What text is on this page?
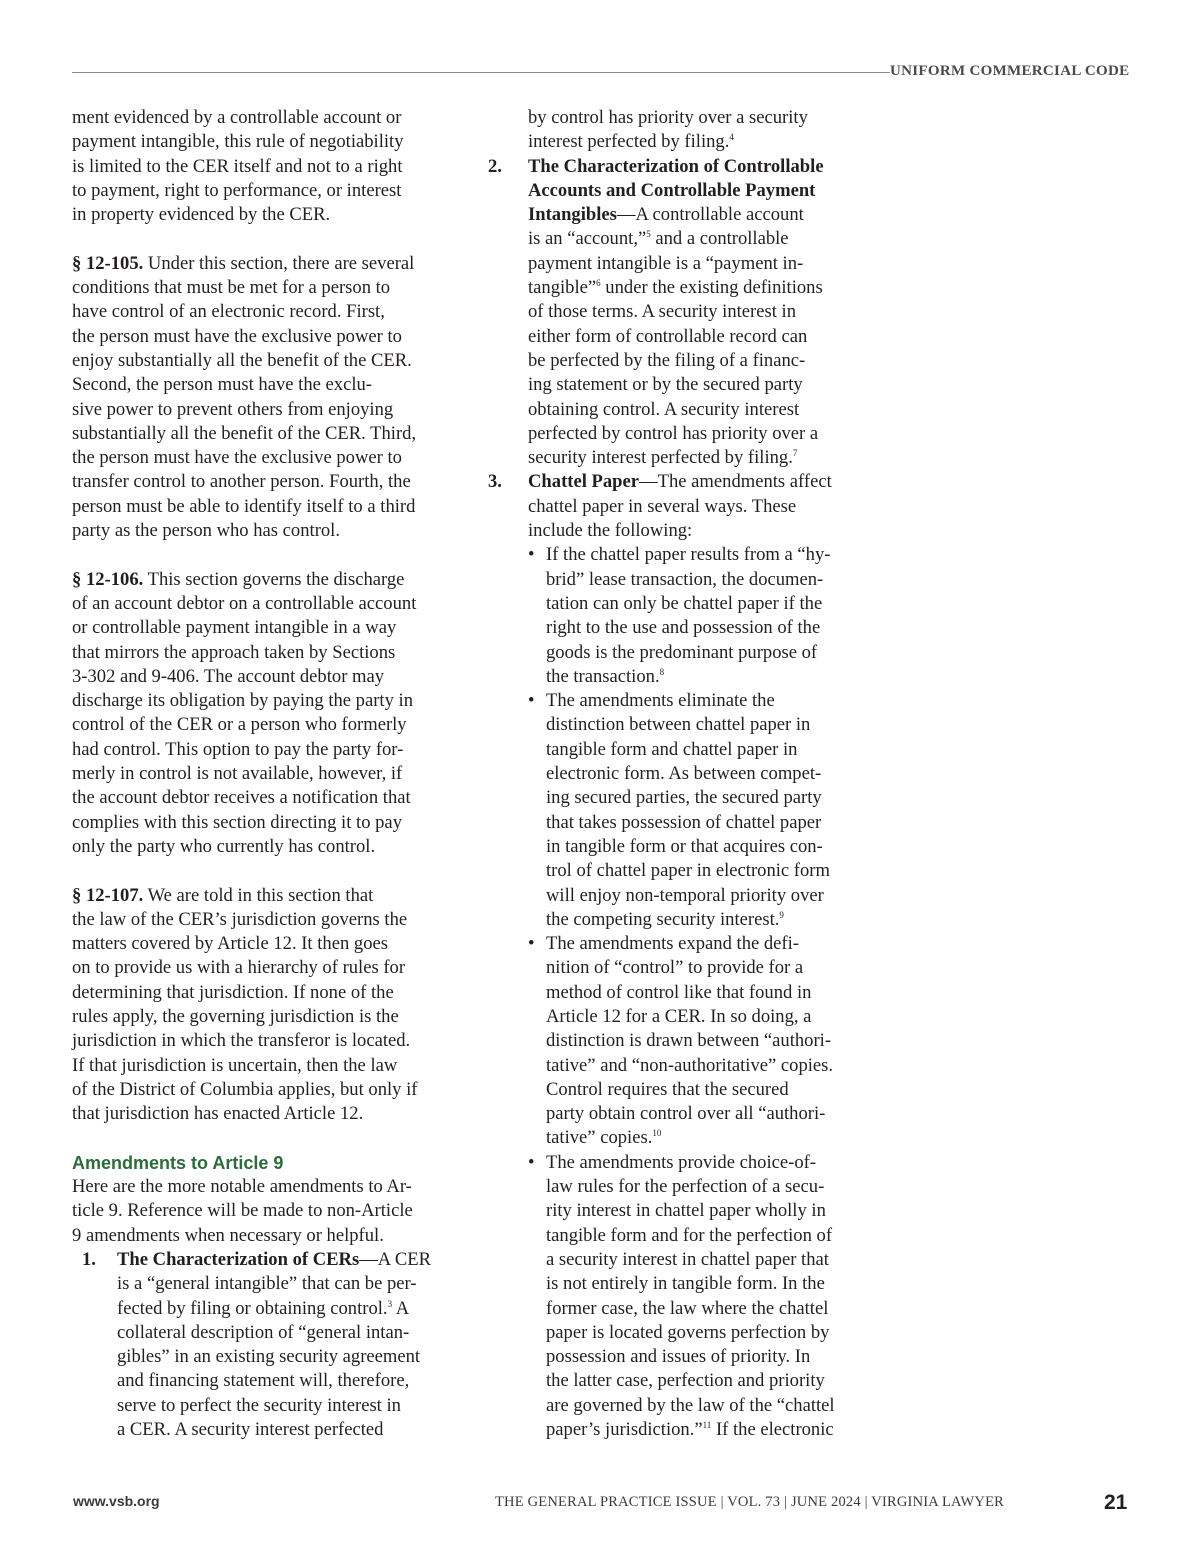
UNIFORM COMMERCIAL CODE
ment evidenced by a controllable account or
payment intangible, this rule of negotiability
is limited to the CER itself and not to a right
to payment, right to performance, or interest
in property evidenced by the CER.
§ 12-105. Under this section, there are several
conditions that must be met for a person to
have control of an electronic record. First,
the person must have the exclusive power to
enjoy substantially all the benefit of the CER.
Second, the person must have the exclu-
sive power to prevent others from enjoying
substantially all the benefit of the CER. Third,
the person must have the exclusive power to
transfer control to another person. Fourth, the
person must be able to identify itself to a third
party as the person who has control.
§ 12-106. This section governs the discharge
of an account debtor on a controllable account
or controllable payment intangible in a way
that mirrors the approach taken by Sections
3-302 and 9-406. The account debtor may
discharge its obligation by paying the party in
control of the CER or a person who formerly
had control. This option to pay the party for-
merly in control is not available, however, if
the account debtor receives a notification that
complies with this section directing it to pay
only the party who currently has control.
§ 12-107. We are told in this section that
the law of the CER’s jurisdiction governs the
matters covered by Article 12. It then goes
on to provide us with a hierarchy of rules for
determining that jurisdiction. If none of the
rules apply, the governing jurisdiction is the
jurisdiction in which the transferor is located.
If that jurisdiction is uncertain, then the law
of the District of Columbia applies, but only if
that jurisdiction has enacted Article 12.
Amendments to Article 9
Here are the more notable amendments to Ar-
ticle 9. Reference will be made to non-Article
9 amendments when necessary or helpful.
1. The Characterization of CERs—A CER
is a “general intangible” that can be per-
fected by filing or obtaining control.$^3$ A
collateral description of “general intan-
gibles” in an existing security agreement
and financing statement will, therefore,
serve to perfect the security interest in
a CER. A security interest perfected
by control has priority over a security
interest perfected by filing.$^4$
2. The Characterization of Controllable
Accounts and Controllable Payment
Intangibles—A controllable account
is an “account,”$^5$ and a controllable
payment intangible is a “payment in-
tangible”$^6$ under the existing definitions
of those terms. A security interest in
either form of controllable record can
be perfected by the filing of a financ-
ing statement or by the secured party
obtaining control. A security interest
perfected by control has priority over a
security interest perfected by filing.$^7$
3. Chattel Paper—The amendments affect
chattel paper in several ways. These
include the following:
• If the chattel paper results from a “hy-
brid” lease transaction, the documen-
tation can only be chattel paper if the
right to the use and possession of the
goods is the predominant purpose of
the transaction.$^8$
• The amendments eliminate the
distinction between chattel paper in
tangible form and chattel paper in
electronic form. As between compet-
ing secured parties, the secured party
that takes possession of chattel paper
in tangible form or that acquires con-
trol of chattel paper in electronic form
will enjoy non-temporal priority over
the competing security interest.$^9$
• The amendments expand the defi-
nition of “control” to provide for a
method of control like that found in
Article 12 for a CER. In so doing, a
distinction is drawn between “authori-
tative” and “non-authoritative” copies.
Control requires that the secured
party obtain control over all “authori-
tative” copies.$^{10}$
• The amendments provide choice-of-
law rules for the perfection of a secu-
rity interest in chattel paper wholly in
tangible form and for the perfection of
a security interest in chattel paper that
is not entirely in tangible form. In the
former case, the law where the chattel
paper is located governs perfection by
possession and issues of priority. In
the latter case, perfection and priority
are governed by the law of the “chattel
paper’s jurisdiction.”$^{11}$ If the electronic
www.vsb.org	THE GENERAL PRACTICE ISSUE | VOL. 73 | JUNE 2024 | VIRGINIA LAWYER	21
